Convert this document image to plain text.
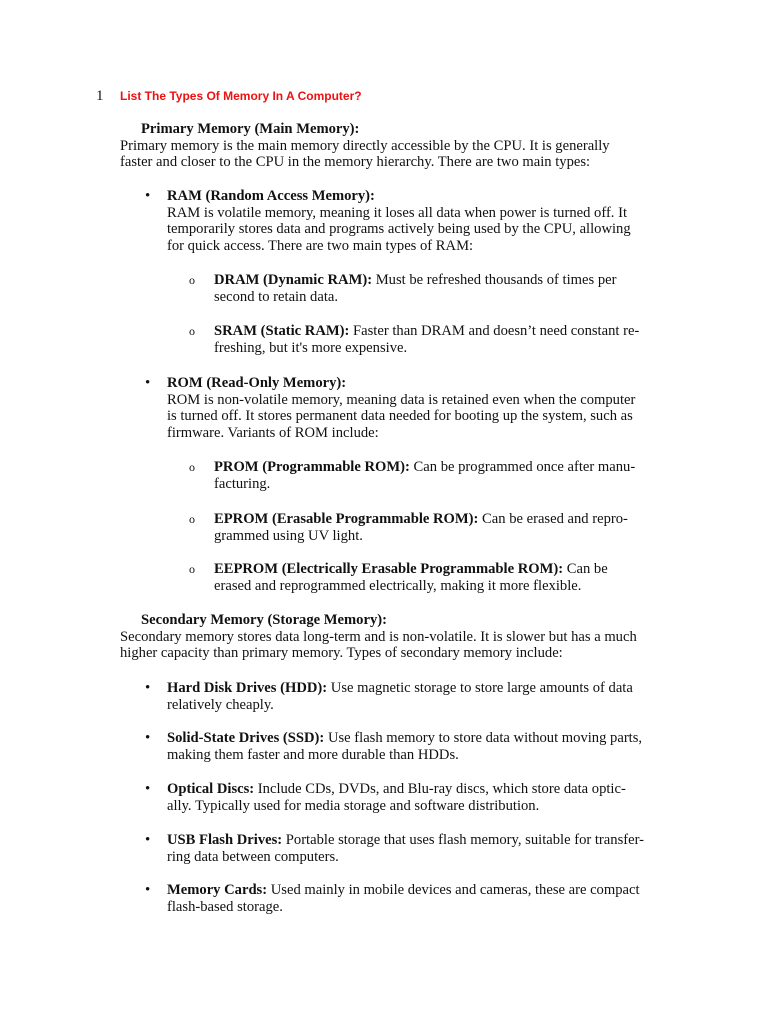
1 List The Types Of Memory In A Computer?
Primary Memory (Main Memory):
Primary memory is the main memory directly accessible by the CPU. It is generally
faster and closer to the CPU in the memory hierarchy. There are two main types:
• RAM (Random Access Memory):
RAM is volatile memory, meaning it loses all data when power is turned off. It
temporarily stores data and programs actively being used by the CPU, allowing
for quick access. There are two main types of RAM:
o DRAM (Dynamic RAM): Must be refreshed thousands of times per
second to retain data.
o SRAM (Static RAM): Faster than DRAM and doesn’t need constant re-
freshing, but it's more expensive.
• ROM (Read-Only Memory):
ROM is non-volatile memory, meaning data is retained even when the computer
is turned off. It stores permanent data needed for booting up the system, such as
firmware. Variants of ROM include:
o PROM (Programmable ROM): Can be programmed once after manu-
facturing.
o EPROM (Erasable Programmable ROM): Can be erased and repro-
grammed using UV light.
o EEPROM (Electrically Erasable Programmable ROM): Can be
erased and reprogrammed electrically, making it more flexible.
Secondary Memory (Storage Memory):
Secondary memory stores data long-term and is non-volatile. It is slower but has a much
higher capacity than primary memory. Types of secondary memory include:
• Hard Disk Drives (HDD): Use magnetic storage to store large amounts of data
relatively cheaply.
• Solid-State Drives (SSD): Use flash memory to store data without moving parts,
making them faster and more durable than HDDs.
• Optical Discs: Include CDs, DVDs, and Blu-ray discs, which store data optic-
ally. Typically used for media storage and software distribution.
• USB Flash Drives: Portable storage that uses flash memory, suitable for transfer-
ring data between computers.
• Memory Cards: Used mainly in mobile devices and cameras, these are compact
flash-based storage.
